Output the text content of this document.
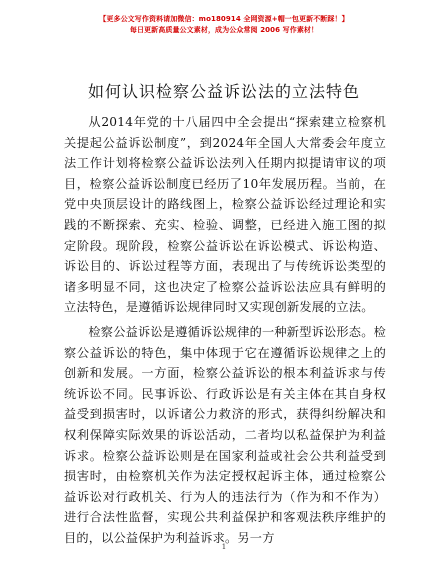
【更多公文写作资料请加微信：mo180914 全网资源+帽一包更新不断踩！】
每日更新高质量公文素材，成为公众常阅 2006 写作素材！
如何认识检察公益诉讼法的立法特色

从2014年党的十八届四中全会提出“探索建立检察机关提起公益诉讼制度”，到2024年全国人大常委会年度立法工作计划将检察公益诉讼法列入任期内拟提请审议的项目，检察公益诉讼制度已经历了10年发展历程。当前，在党中央顶层设计的路线图上，检察公益诉讼经过理论和实践的不断探索、充实、检验、调整，已经进入施工图的拟定阶段。现阶段，检察公益诉讼在诉讼模式、诉讼构造、诉讼目的、诉讼过程等方面，表现出了与传统诉讼类型的诸多明显不同，这也决定了检察公益诉讼法应具有鲜明的立法特色，是遵循诉讼规律同时又实现创新发展的立法。

检察公益诉讼是遵循诉讼规律的一种新型诉讼形态。检察公益诉讼的特色，集中体现于它在遵循诉讼规律之上的创新和发展。一方面，检察公益诉讼的根本利益诉求与传统诉讼不同。民事诉讼、行政诉讼是有关主体在其自身权益受到损害时，以诉诸公力救济的形式，获得纠纷解决和权利保障实际效果的诉讼活动，二者均以私益保护为利益诉求。检察公益诉讼则是在国家利益或社会公共利益受到损害时，由检察机关作为法定授权起诉主体，通过检察公益诉讼对行政机关、行为人的违法行为（作为和不作为）进行合法性监督，实现公共利益保护和客观法秩序维护的目的，以公益保护为利益诉求。另一方

1
